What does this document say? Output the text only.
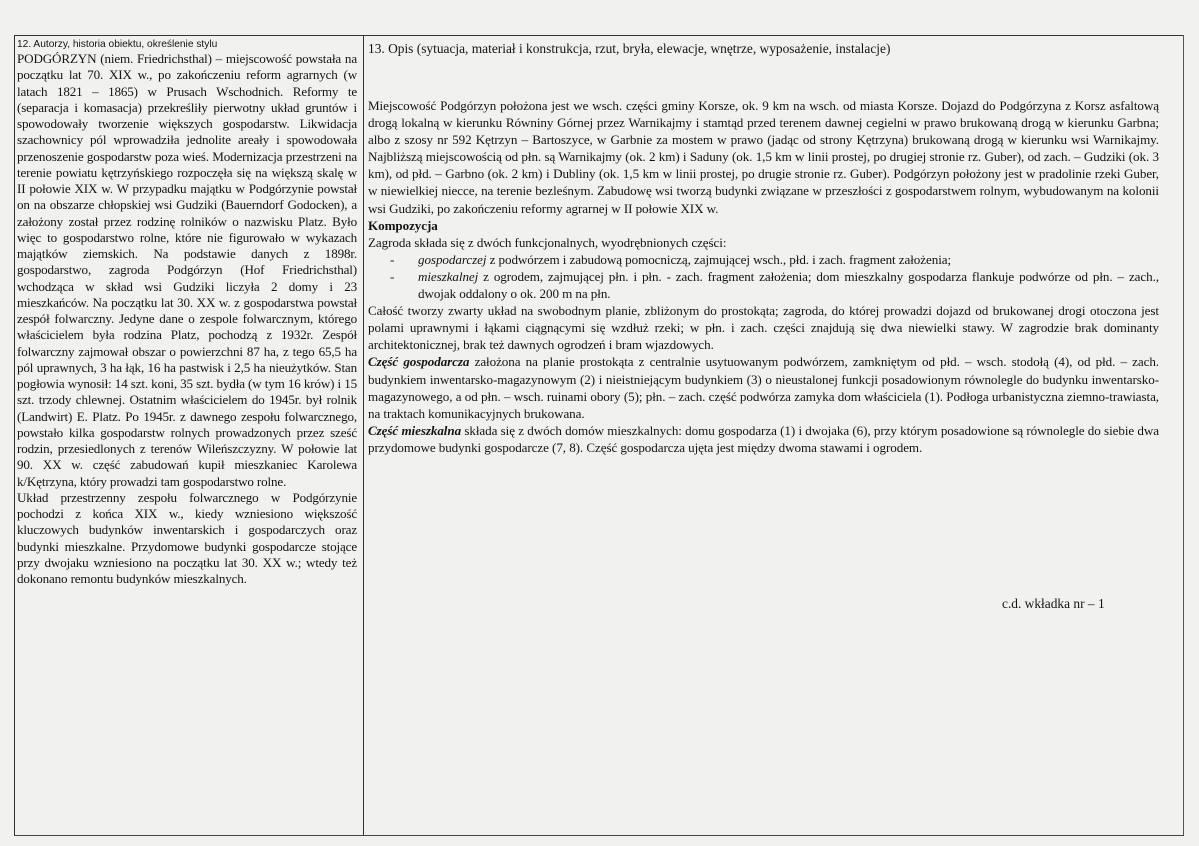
12. Autorzy, historia obiektu, określenie stylu

PODGÓRZYN (niem. Friedrichsthal) – miejscowość powstała na początku lat 70. XIX w., po zakończeniu reform agrarnych (w latach 1821 – 1865) w Prusach Wschodnich. Reformy te (separacja i komasacja) przekreśliły pierwotny układ gruntów i spowodowały tworzenie większych gospodarstw. Likwidacja szachownicy pól wprowadziła jednolite areały i spowodowała przenoszenie gospodarstw poza wieś. Modernizacja przestrzeni na terenie powiatu kętrzyńskiego rozpoczęła się na większą skalę w II połowie XIX w. W przypadku majątku w Podgórzynie powstał on na obszarze chłopskiej wsi Gudziki (Bauerndorf Godocken), a założony został przez rodzinę rolników o nazwisku Platz. Było więc to gospodarstwo rolne, które nie figurowało w wykazach majątków ziemskich. Na podstawie danych z 1898r. gospodarstwo, zagroda Podgórzyn (Hof Friedrichsthal) wchodząca w skład wsi Gudziki liczyła 2 domy i 23 mieszkańców. Na początku lat 30. XX w. z gospodarstwa powstał zespół folwarczny. Jedyne dane o zespole folwarcznym, którego właścicielem była rodzina Platz, pochodzą z 1932r. Zespół folwarczny zajmował obszar o powierzchni 87 ha, z tego 65,5 ha pól uprawnych, 3 ha łąk, 16 ha pastwisk i 2,5 ha nieużytków. Stan pogłowia wynosił: 14 szt. koni, 35 szt. bydła (w tym 16 krów) i 15 szt. trzody chlewnej. Ostatnim właścicielem do 1945r. był rolnik (Landwirt) E. Platz. Po 1945r. z dawnego zespołu folwarcznego, powstało kilka gospodarstw rolnych prowadzonych przez sześć rodzin, przesiedlonych z terenów Wileńszczyzny. W połowie lat 90. XX w. część zabudowań kupił mieszkaniec Karolewa k/Kętrzyna, który prowadzi tam gospodarstwo rolne.

Układ przestrzenny zespołu folwarcznego w Podgórzynie pochodzi z końca XIX w., kiedy wzniesiono większość kluczowych budynków inwentarskich i gospodarczych oraz budynki mieszkalne. Przydomowe budynki gospodarcze stojące przy dwojaku wzniesiono na początku lat 30. XX w.; wtedy też dokonano remontu budynków mieszkalnych.

13. Opis (sytuacja, materiał i konstrukcja, rzut, bryła, elewacje, wnętrze, wyposażenie, instalacje)

Miejscowość Podgórzyn położona jest we wsch. części gminy Korsze, ok. 9 km na wsch. od miasta Korsze. Dojazd do Podgórzyna z Korsz asfaltową drogą lokalną w kierunku Równiny Górnej przez Warnikajmy i stamtąd przed terenem dawnej cegielni w prawo brukowaną drogą w kierunku Garbna; albo z szosy nr 592 Kętrzyn – Bartoszyce, w Garbnie za mostem w prawo (jadąc od strony Kętrzyna) brukowaną drogą w kierunku wsi Warnikajmy. Najbliższą miejscowością od płn. są Warnikajmy (ok. 2 km) i Saduny (ok. 1,5 km w linii prostej, po drugiej stronie rz. Guber), od zach. – Gudziki (ok. 3 km), od płd. – Garbno (ok. 2 km) i Dubliny (ok. 1,5 km w linii prostej, po drugie stronie rz. Guber). Podgórzyn położony jest w pradolinie rzeki Guber, w niewielkiej niecce, na terenie bezleśnym. Zabudowę wsi tworzą budynki związane w przeszłości z gospodarstwem rolnym, wybudowanym na kolonii wsi Gudziki, po zakończeniu reformy agrarnej w II połowie XIX w.

Kompozycja

Zagroda składa się z dwóch funkcjonalnych, wyodrębnionych części:

-	gospodarczej z podwórzem i zabudową pomocniczą, zajmującej wsch., płd. i zach. fragment założenia;
-	mieszkalnej z ogrodem, zajmującej płn. i płn. - zach. fragment założenia; dom mieszkalny gospodarza flankuje podwórze od płn. – zach., dwojak oddalony o ok. 200 m na płn.

Całość tworzy zwarty układ na swobodnym planie, zbliżonym do prostokąta; zagroda, do której prowadzi dojazd od brukowanej drogi otoczona jest polami uprawnymi i łąkami ciągnącymi się wzdłuż rzeki; w płn. i zach. części znajdują się dwa niewielki stawy. W zagrodzie brak dominanty architektonicznej, brak też dawnych ogrodzeń i bram wjazdowych.

Część gospodarcza założona na planie prostokąta z centralnie usytuowanym podwórzem, zamkniętym od płd. – wsch. stodołą (4), od płd. – zach. budynkiem inwentarsko-magazynowym (2) i nieistniejącym budynkiem (3) o nieustalonej funkcji posadowionym równolegle do budynku inwentarsko-magazynowego, a od płn. – wsch. ruinami obory (5); płn. – zach. część podwórza zamyka dom właściciela (1). Podłoga urbanistyczna ziemno-trawiasta, na traktach komunikacyjnych brukowana.

Część mieszkalna składa się z dwóch domów mieszkalnych: domu gospodarza (1) i dwojaka (6), przy którym posadowione są równolegle do siebie dwa przydomowe budynki gospodarcze (7, 8). Część gospodarcza ujęta jest między dwoma stawami i ogrodem.

c.d. wkładka nr – 1
